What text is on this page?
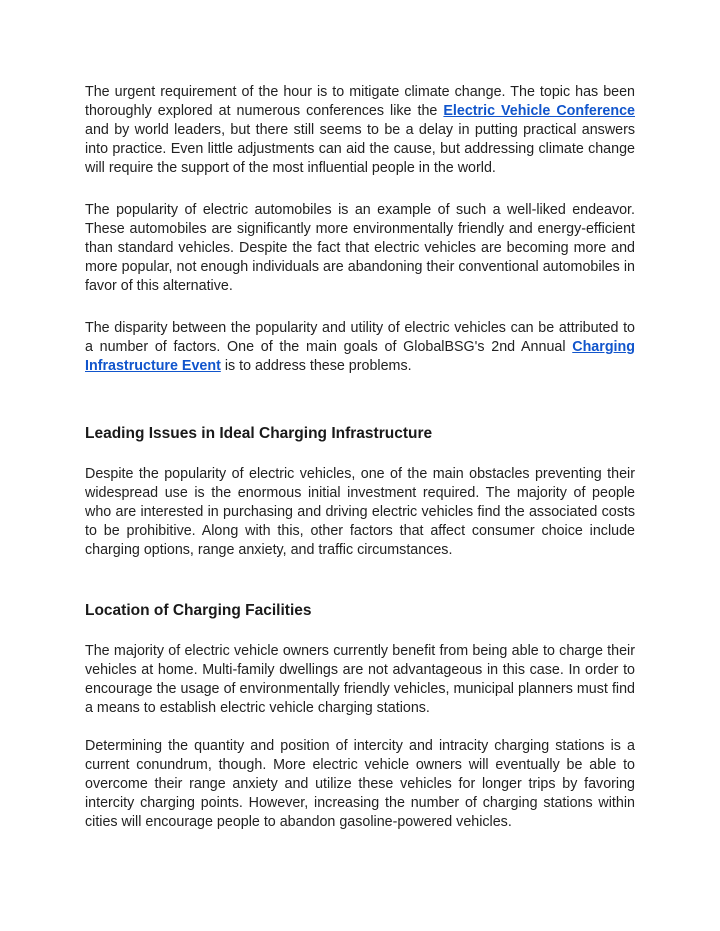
The urgent requirement of the hour is to mitigate climate change. The topic has been thoroughly explored at numerous conferences like the Electric Vehicle Conference and by world leaders, but there still seems to be a delay in putting practical answers into practice. Even little adjustments can aid the cause, but addressing climate change will require the support of the most influential people in the world.

The popularity of electric automobiles is an example of such a well-liked endeavor. These automobiles are significantly more environmentally friendly and energy-efficient than standard vehicles. Despite the fact that electric vehicles are becoming more and more popular, not enough individuals are abandoning their conventional automobiles in favor of this alternative.

The disparity between the popularity and utility of electric vehicles can be attributed to a number of factors. One of the main goals of GlobalBSG's 2nd Annual Charging Infrastructure Event is to address these problems.

Leading Issues in Ideal Charging Infrastructure

Despite the popularity of electric vehicles, one of the main obstacles preventing their widespread use is the enormous initial investment required. The majority of people who are interested in purchasing and driving electric vehicles find the associated costs to be prohibitive. Along with this, other factors that affect consumer choice include charging options, range anxiety, and traffic circumstances.

Location of Charging Facilities

The majority of electric vehicle owners currently benefit from being able to charge their vehicles at home. Multi-family dwellings are not advantageous in this case. In order to encourage the usage of environmentally friendly vehicles, municipal planners must find a means to establish electric vehicle charging stations.

Determining the quantity and position of intercity and intracity charging stations is a current conundrum, though. More electric vehicle owners will eventually be able to overcome their range anxiety and utilize these vehicles for longer trips by favoring intercity charging points. However, increasing the number of charging stations within cities will encourage people to abandon gasoline-powered vehicles.
